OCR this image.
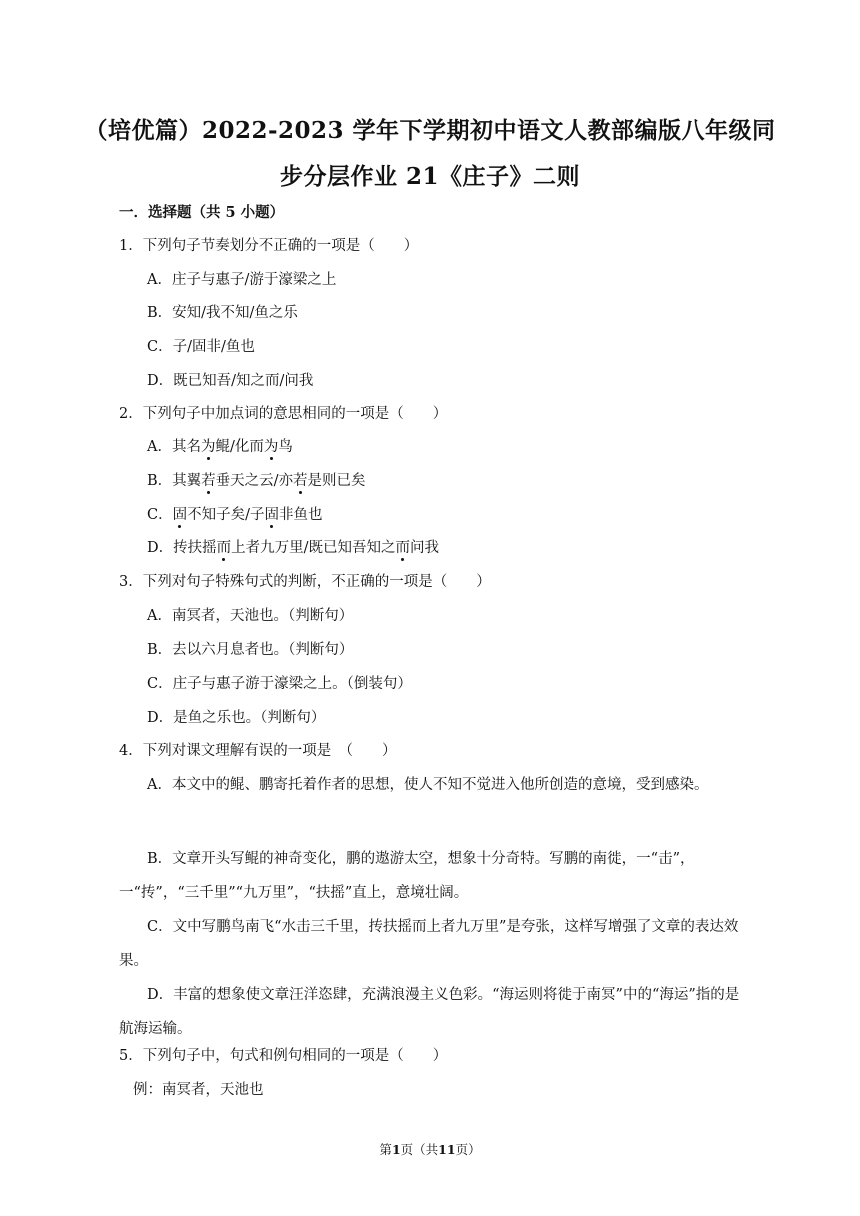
（培优篇）2022-2023 学年下学期初中语文人教部编版八年级同
步分层作业 21《庄子》二则
一．选择题（共 5 小题）
1．下列句子节奏划分不正确的一项是（　　）
A．庄子与惠子/游于濠梁之上
B．安知/我不知/鱼之乐
C．子/固非/鱼也
D．既已知吾/知之而/问我
2．下列句子中加点词的意思相同的一项是（　　）
A．其名为鲲/化而为鸟
B．其翼若垂天之云/亦若是则已矣
C．固不知子矣/子固非鱼也
D．抟扶摇而上者九万里/既已知吾知之而问我
3．下列对句子特殊句式的判断，不正确的一项是（　　）
A．南冥者，天池也。（判断句）
B．去以六月息者也。（判断句）
C．庄子与惠子游于濠梁之上。（倒装句）
D．是鱼之乐也。（判断句）
4．下列对课文理解有误的一项是　（　　）
A．本文中的鲲、鹏寄托着作者的思想，使人不知不觉进入他所创造的意境，受到感染。
B．文章开头写鲲的神奇变化，鹏的遨游太空，想象十分奇特。写鹏的南徙，一“击”，一“抟”，“三千里”“九万里”，“扶摇”直上，意境壮阔。
C．文中写鹏鸟南飞“水击三千里，抟扶摇而上者九万里”是夸张，这样写增强了文章的表达效果。
D．丰富的想象使文章汪洋恣肆，充满浪漫主义色彩。“海运则将徙于南冥”中的“海运”指的是航海运输。
5．下列句子中，句式和例句相同的一项是（　　）
例：南冥者，天池也
第1页（共11页）
